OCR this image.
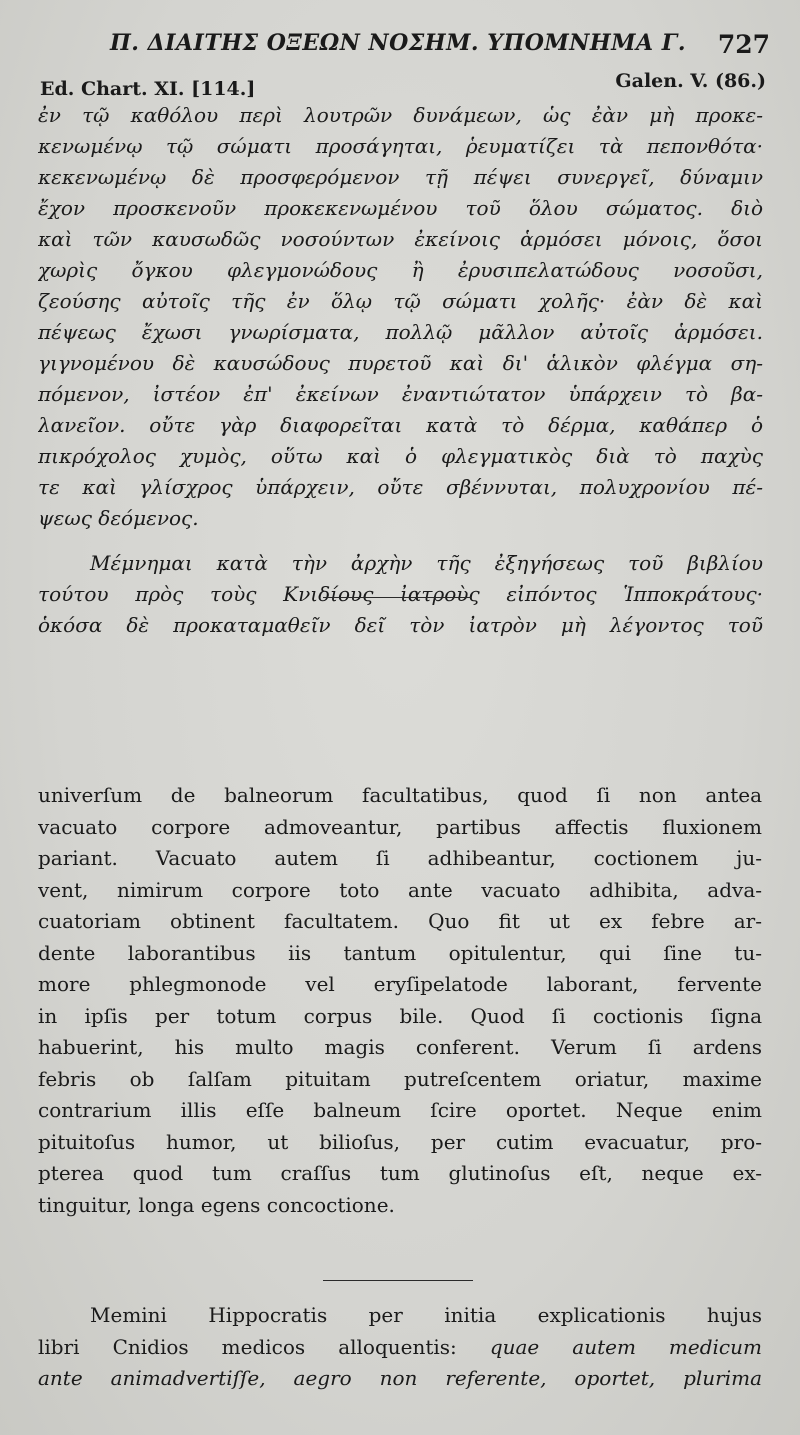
Π. ΔΙΑΙΤΗΣ ΟΞΕΩΝ ΝΟΣΗΜ. ΥΠΟΜΝΗΜΑ Γ. 727
Ed. Chart. XI. [114.]	Galen. V. (86.)
ἐν τῷ καθόλου περὶ λουτρῶν δυνάμεων, ὡς ἐὰν μὴ προκε-
κενωμένῳ τῷ σώματι προσάγηται, ῥευματίζει τὰ πεπονθότα·
κεκενωμένῳ δὲ προσφερόμενον τῇ πέψει συνεργεῖ, δύναμιν
ἔχον προσκενοῦν προκεκενωμένου τοῦ ὅλου σώματος. διὸ
καὶ τῶν καυσωδῶς νοσούντων ἐκείνοις ἁρμόσει μόνοις, ὅσοι
χωρὶς ὄγκου φλεγμονώδους ἢ ἐρυσιπελατώδους νοσοῦσι,
ζεούσης αὐτοῖς τῆς ἐν ὅλῳ τῷ σώματι χολῆς· ἐὰν δὲ καὶ
πέψεως ἔχωσι γνωρίσματα, πολλῷ μᾶλλον αὐτοῖς ἁρμόσει.
γιγνομένου δὲ καυσώδους πυρετοῦ καὶ δι' ἁλικὸν φλέγμα ση-
πόμενον, ἰστέον ἐπ' ἐκείνων ἐναντιώτατον ὑπάρχειν τὸ βα-
λανεῖον. οὔτε γὰρ διαφορεῖται κατὰ τὸ δέρμα, καθάπερ ὁ
πικρόχολος χυμὸς, οὕτω καὶ ὁ φλεγματικὸς διὰ τὸ παχὺς
τε καὶ γλίσχρος ὑπάρχειν, οὔτε σβέννυται, πολυχρονίου πέ-
ψεως δεόμενος.
Μέμνημαι κατὰ τὴν ἀρχὴν τῆς ἐξηγήσεως τοῦ βιβλίου
τούτου πρὸς τοὺς Κνιδίους ἰατροὺς εἰπόντος Ἱπποκράτους·
ὁκόσα δὲ προκαταμαθεῖν δεῖ τὸν ἰατρὸν μὴ λέγοντος τοῦ
univerſum de balneorum facultatibus, quod ſi non antea
vacuato corpore admoveantur, partibus affectis fluxionem
pariant. Vacuato autem ſi adhibeantur, coctionem ju-
vent, nimirum corpore toto ante vacuato adhibita, adva-
cuatoriam obtinent facultatem. Quo fit ut ex febre ar-
dente laborantibus iis tantum opitulentur, qui ſine tu-
more phlegmonode vel eryſipelatode laborant, fervente
in ipſis per totum corpus bile. Quod ſi coctionis ſigna
habuerint, his multo magis conferent. Verum ſi ardens
febris ob ſalſam pituitam putreſcentem oriatur, maxime
contrarium illis eſſe balneum ſcire oportet. Neque enim
pituitoſus humor, ut bilioſus, per cutim evacuatur, pro-
pterea quod tum craſſus tum glutinoſus eſt, neque ex-
tinguitur, longa egens concoctione.
Memini Hippocratis per initia explicationis hujus
libri Cnidios medicos alloquentis: quae autem medicum
ante animadvertiſſe, aegro non referente, oportet, plurima
